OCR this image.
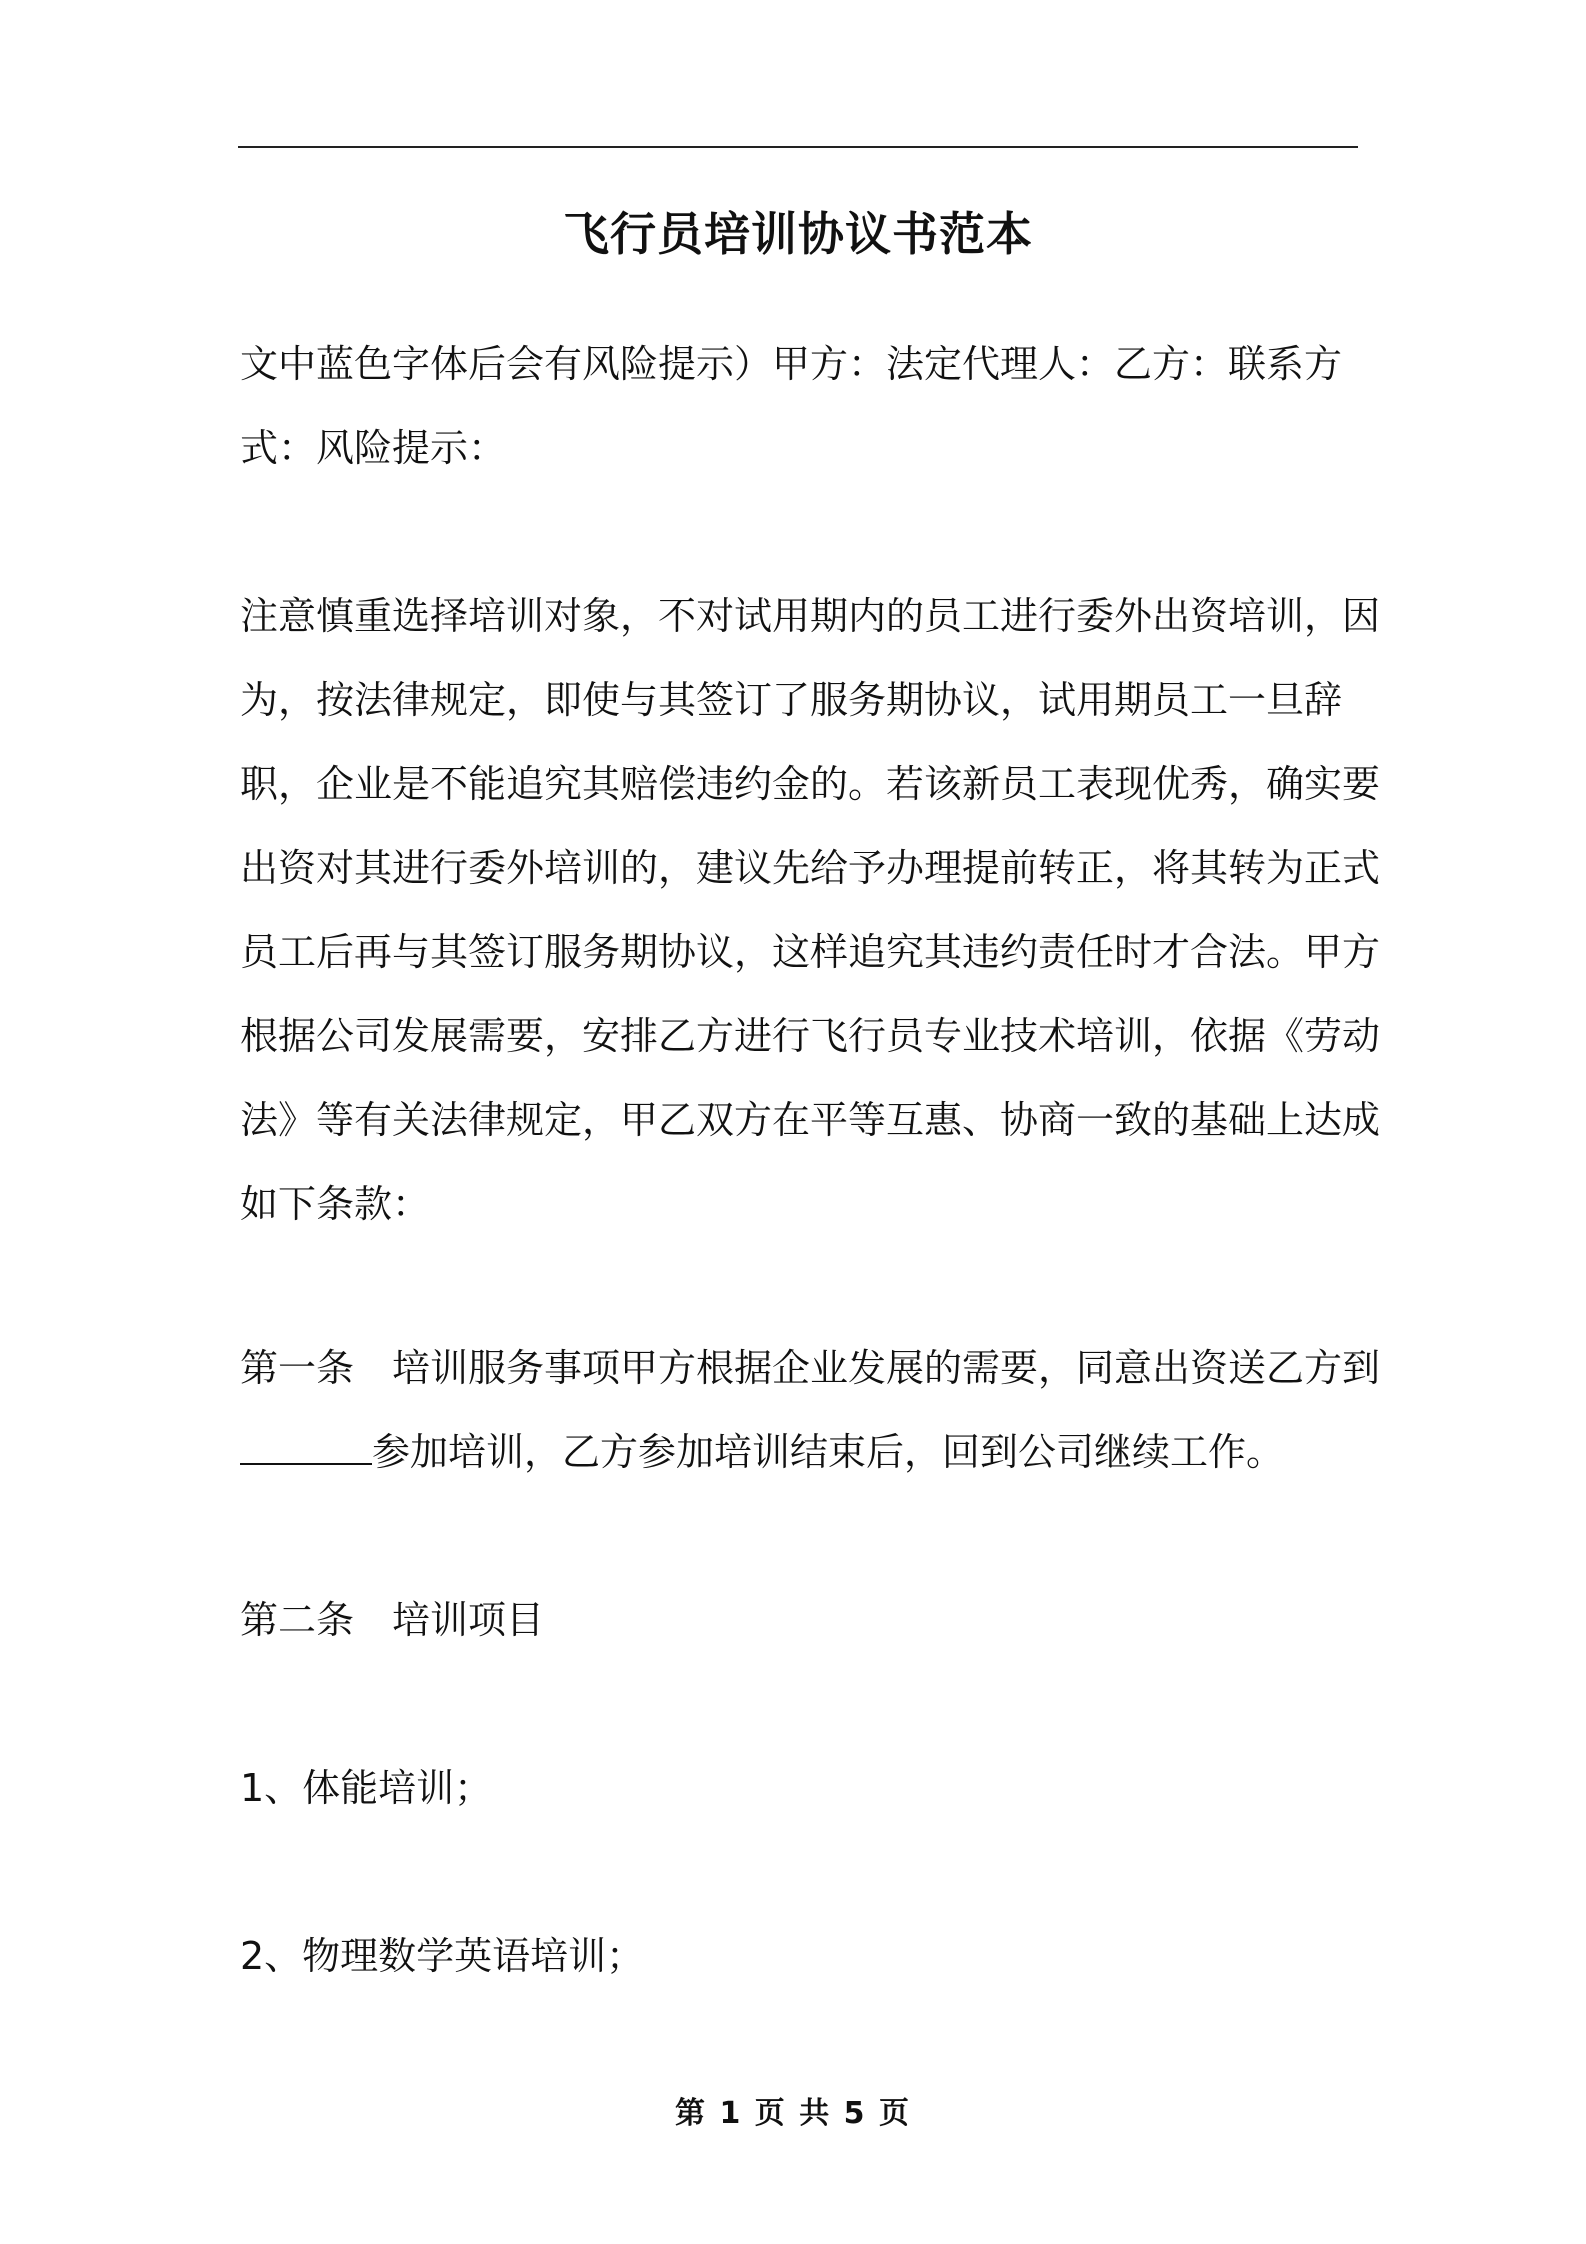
飞行员培训协议书范本

文中蓝色字体后会有风险提示）甲方：法定代理人：乙方：联系方式：风险提示：

注意慎重选择培训对象，不对试用期内的员工进行委外出资培训，因为，按法律规定，即使与其签订了服务期协议，试用期员工一旦辞职，企业是不能追究其赔偿违约金的。若该新员工表现优秀，确实要出资对其进行委外培训的，建议先给予办理提前转正，将其转为正式员工后再与其签订服务期协议，这样追究其违约责任时才合法。甲方根据公司发展需要，安排乙方进行飞行员专业技术培训，依据《劳动法》等有关法律规定，甲乙双方在平等互惠、协商一致的基础上达成如下条款：

第一条 培训服务事项甲方根据企业发展的需要，同意出资送乙方到参加培训，乙方参加培训结束后，回到公司继续工作。

第二条 培训项目

1、体能培训；

2、物理数学英语培训；

第 1 页 共 5 页
